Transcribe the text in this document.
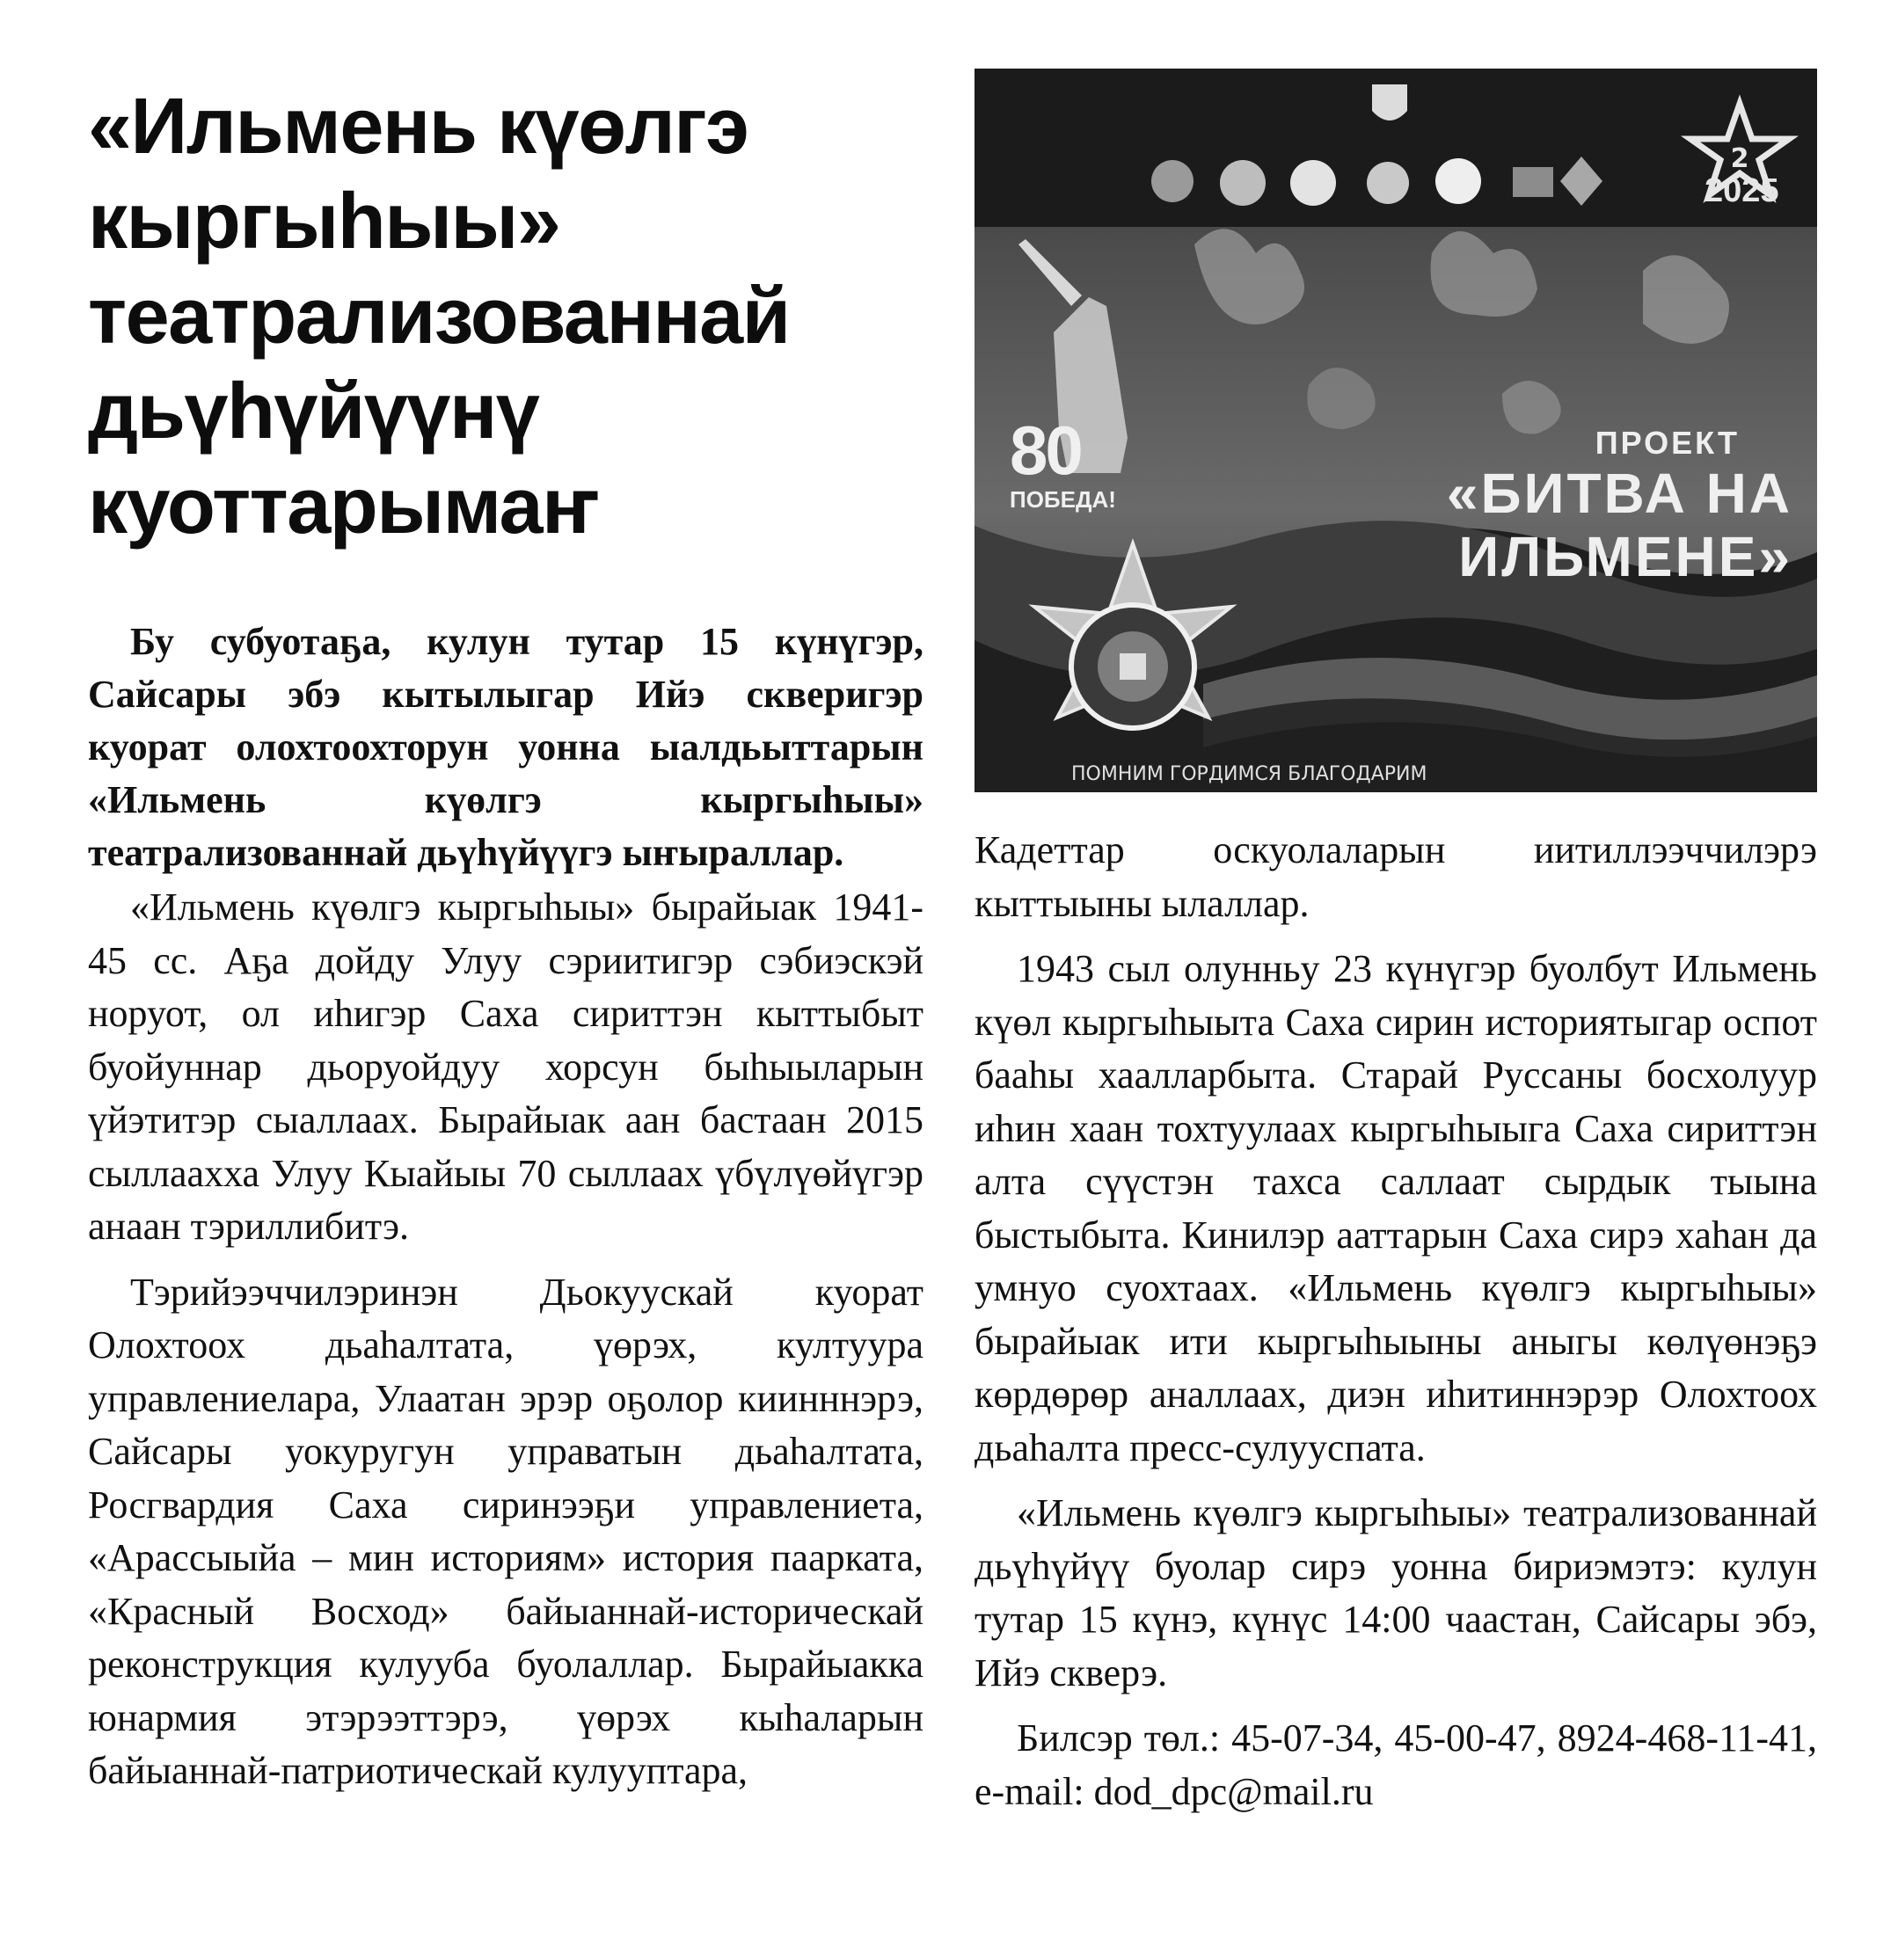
«Ильмень күөлгэ
кыргыһыы»
театрализованнай
дьүһүйүүнү
куоттарымаҥ

Бу субуотаҕа, кулун тутар 15 күнүгэр, Сайсары эбэ кытылыгар Ийэ скверигэр куорат олохтоохторун уонна ыалдьыттарын «Ильмень күөлгэ кыргыһыы» театрализованнай дьүһүйүүгэ ыҥыраллар.

«Ильмень күөлгэ кыргыһыы» бырайыак 1941-45 сс. Аҕа дойду Улуу сэриитигэр сэбиэскэй норуот, ол иһигэр Саха сириттэн кыттыбыт буойуннар дьоруойдуу хорсун быһыыларын үйэтитэр сыаллаах. Бырайыак аан бастаан 2015 сыллаахха Улуу Кыайыы 70 сыллаах үбүлүөйүгэр анаан тэриллибитэ.

Тэрийээччилэринэн Дьокуускай куорат Олохтоох дьаһалтата, үөрэх, култуура управлениелара, Улаатан эрэр оҕолор киинннэрэ, Сайсары уокуругун управатын дьаһалтата, Росгвардия Саха сиринээҕи управлениета, «Арассыыйа – мин историям» история паарката, «Красный Восход» байыаннай-историческай реконструкция кулууба буолаллар. Бырайыакка юнармия этэрээттэрэ, үөрэх кыһаларын байыаннай-патриотическай кулууптара,

2
2025
80
ПОБЕДА!
ПРОЕКТ
«БИТВА НА
ИЛЬМЕНЕ»
ПОМНИМ ГОРДИМСЯ БЛАГОДАРИМ

Кадеттар оскуолаларын иитиллээччилэрэ кыттыыны ылаллар.

1943 сыл олунньу 23 күнүгэр буолбут Ильмень күөл кыргыһыыта Саха сирин историятыгар оспот бааһы хаалларбыта. Старай Руссаны босхолуур иһин хаан тохтуулаах кыргыһыыга Саха сириттэн алта сүүстэн тахса саллаат сырдык тыына быстыбыта. Кинилэр ааттарын Саха сирэ хаһан да умнуо суохтаах. «Ильмень күөлгэ кыргыһыы» бырайыак ити кыргыһыыны аныгы көлүөнэҕэ көрдөрөр аналлаах, диэн иһитиннэрэр Олохтоох дьаһалта пресс-сулууспата.

«Ильмень күөлгэ кыргыһыы» театрализованнай дьүһүйүү буолар сирэ уонна бириэмэтэ: кулун тутар 15 күнэ, күнүс 14:00 чаастан, Сайсары эбэ, Ийэ скверэ.

Билсэр төл.: 45-07-34, 45-00-47, 8924-468-11-41, e-mail: dod_dpc@mail.ru
